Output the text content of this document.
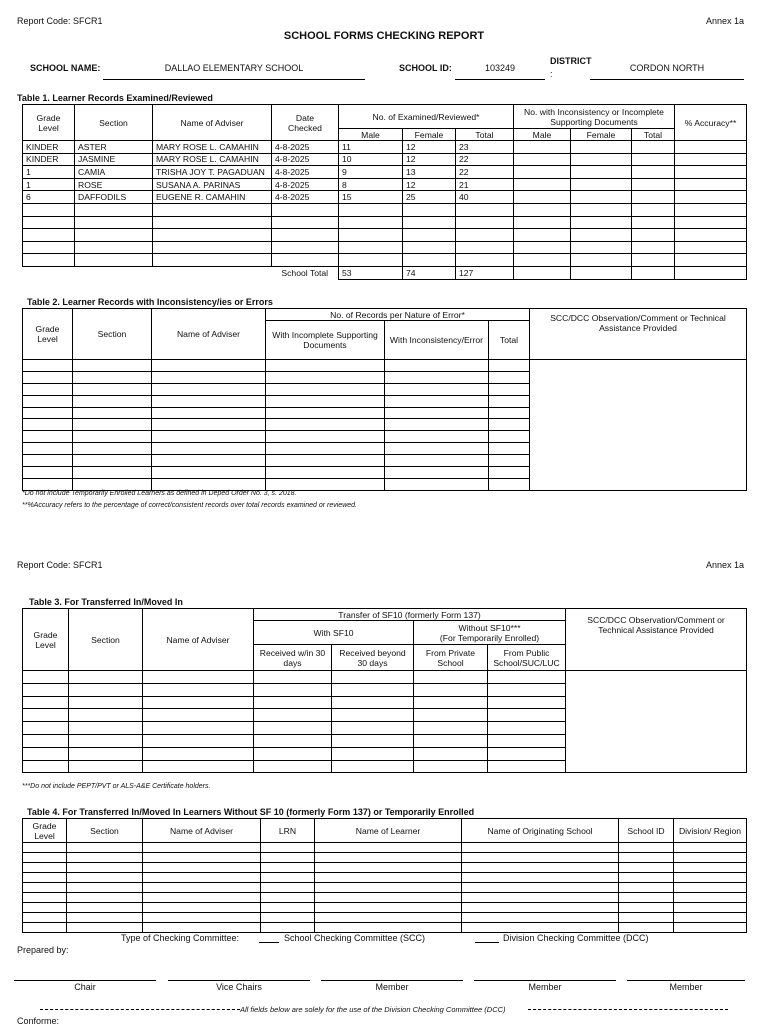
Report Code: SFCR1	Annex 1a
SCHOOL FORMS CHECKING REPORT
SCHOOL NAME:	DALLAO ELEMENTARY SCHOOL	SCHOOL ID:	103249
DISTRICT
:
CORDON NORTH
Table 1. Learner Records Examined/Reviewed
Grade Level	Section	Name of Adviser	Date
Checked	No. of Examined/Reviewed*			No. with Inconsistency or Incomplete Supporting Documents			% Accuracy**
				Male	Female	Total	Male	Female	Total	
KINDER	ASTER	MARY ROSE L. CAMAHIN	4-8-2025	11	12	23				
KINDER	JASMINE	MARY ROSE L. CAMAHIN	4-8-2025	10	12	22				
1	CAMIA	TRISHA JOY T. PAGADUAN	4-8-2025	9	13	22				
1	ROSE	SUSANA A. PARINAS	4-8-2025	8	12	21				
6	DAFFODILS	EUGENE R. CAMAHIN	4-8-2025	15	25	40				

			School Total	53	74	127				
Table 2. Learner Records with Inconsistency/ies or Errors
Grade Level	Section	Name of Adviser	No. of Records per Nature of Error*			SCC/DCC Observation/Comment or Technical Assistance Provided
			With Incomplete Supporting Documents	With Inconsistency/Error	Total	

*Do not include Temporarily Enrolled Learners as defined in Deped Order No. 3, s. 2018.
**%Accuracy refers to the percentage of correct/consistent records over total records examined or reviewed.
Report Code: SFCR1	Annex 1a
Table 3. For Transferred In/Moved In
Grade Level	Section	Name of Adviser	Transfer of SF10 (formerly Form 137)				SCC/DCC Observation/Comment or Technical Assistance Provided
			With SF10		Without SF10***
(For Temporarily Enrolled)		
			Received w/in 30 days	Received beyond 30 days	From Private School	From Public School/SUC/LUC	

***Do not include PEPT/PVT or ALS-A&E Certificate holders.
Table 4. For Transferred In/Moved In Learners Without SF 10 (formerly Form 137) or Temporarily Enrolled
Grade Level	Section	Name of Adviser	LRN	Name of Learner	Name of Originating School	School ID	Division/ Region

Type of Checking Committee:	School Checking Committee (SCC)	Division Checking Committee (DCC)
Prepared by:
Chair	Vice Chairs	Member	Member	Member
All fields below are solely for the use of the Division Checking Committee (DCC)
Conforme:
